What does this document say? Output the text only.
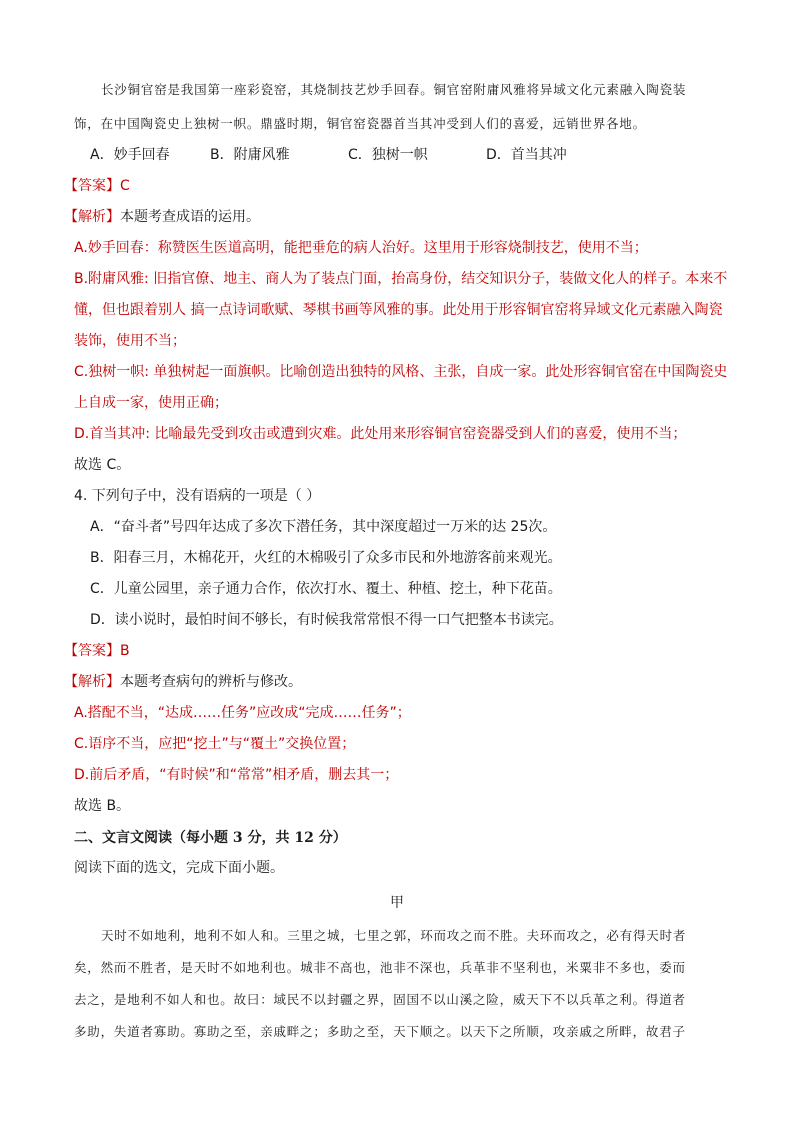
长沙铜官窑是我国第一座彩瓷窑，其烧制技艺炒手回春。铜官窑附庸风雅将异域文化元素融入陶瓷装
饰，在中国陶瓷史上独树一帜。鼎盛时期，铜官窑瓷器首当其冲受到人们的喜爱，远销世界各地。
A．妙手回春	B．附庸风雅	C．独树一帜	D．首当其冲
【答案】C
【解析】本题考查成语的运用。
A.妙手回春：称赞医生医道高明，能把垂危的病人治好。这里用于形容烧制技艺，使用不当；
B.附庸风雅: 旧指官僚、地主、商人为了装点门面，抬高身份，结交知识分子，装做文化人的样子。本来不
懂，但也跟着别人 搞一点诗词歌赋、琴棋书画等风雅的事。此处用于形容铜官窑将异域文化元素融入陶瓷
装饰，使用不当；
C.独树一帜: 单独树起一面旗帜。比喻创造出独特的风格、主张，自成一家。此处形容铜官窑在中国陶瓷史
上自成一家，使用正确；
D.首当其冲: 比喻最先受到攻击或遭到灾难。此处用来形容铜官窑瓷器受到人们的喜爱，使用不当；
故选 C。
4. 下列句子中，没有语病的一项是（ ）
A．“奋斗者”号四年达成了多次下潜任务，其中深度超过一万米的达 25次。
B．阳春三月，木棉花开，火红的木棉吸引了众多市民和外地游客前来观光。
C．儿童公园里，亲子通力合作，依次打水、覆土、种植、挖土，种下花苗。
D．读小说时，最怕时间不够长，有时候我常常恨不得一口气把整本书读完。
【答案】B
【解析】本题考查病句的辨析与修改。
A.搭配不当，“达成……任务”应改成“完成……任务”；
C.语序不当，应把“挖土”与“覆土”交换位置；
D.前后矛盾，“有时候”和“常常”相矛盾，删去其一；
故选 B。
二、文言文阅读（每小题 3 分，共 12 分）
阅读下面的选文，完成下面小题。
甲
天时不如地利，地利不如人和。三里之城，七里之郭，环而攻之而不胜。夫环而攻之，必有得天时者
矣，然而不胜者，是天时不如地利也。城非不高也，池非不深也，兵革非不坚利也，米粟非不多也，委而
去之，是地利不如人和也。故曰：域民不以封疆之界，固国不以山溪之险，威天下不以兵革之利。得道者
多助，失道者寡助。寡助之至，亲戚畔之；多助之至，天下顺之。以天下之所顺，攻亲戚之所畔，故君子
